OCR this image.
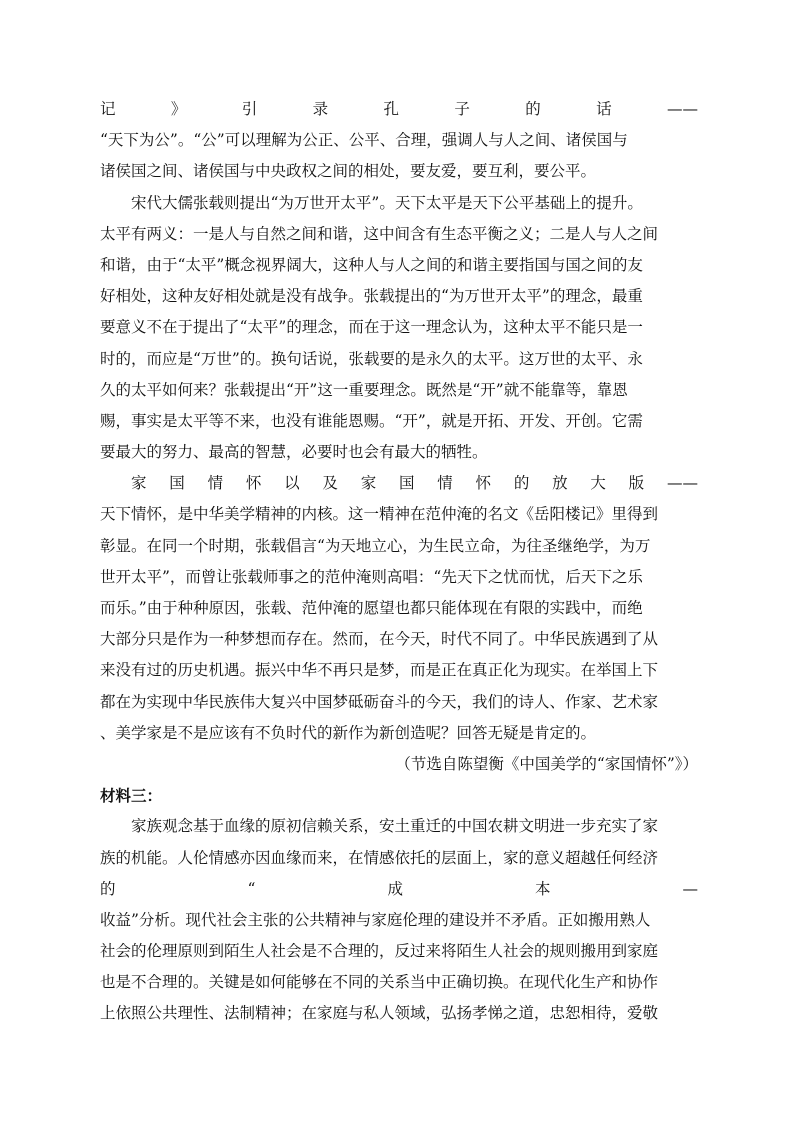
记	》	引	录	孔	子	的	话	——
“天下为公”。“公”可以理解为公正、公平、合理，强调人与人之间、诸侯国与
诸侯国之间、诸侯国与中央政权之间的相处，要友爱，要互利，要公平。
宋代大儒张载则提出“为万世开太平”。天下太平是天下公平基础上的提升。
太平有两义：一是人与自然之间和谐，这中间含有生态平衡之义；二是人与人之间
和谐，由于“太平”概念视界阔大，这种人与人之间的和谐主要指国与国之间的友
好相处，这种友好相处就是没有战争。张载提出的“为万世开太平”的理念，最重
要意义不在于提出了“太平”的理念，而在于这一理念认为，这种太平不能只是一
时的，而应是“万世”的。换句话说，张载要的是永久的太平。这万世的太平、永
久的太平如何来？张载提出“开”这一重要理念。既然是“开”就不能靠等，靠恩
赐，事实是太平等不来，也没有谁能恩赐。“开”，就是开拓、开发、开创。它需
要最大的努力、最高的智慧，必要时也会有最大的牺牲。
家 国 情 怀 以 及 家 国 情 怀 的 放 大 版 ——
天下情怀，是中华美学精神的内核。这一精神在范仲淹的名文《岳阳楼记》里得到
彰显。在同一个时期，张载倡言“为天地立心，为生民立命，为往圣继绝学，为万
世开太平”，而曾让张载师事之的范仲淹则高唱：“先天下之忧而忧，后天下之乐
而乐。”由于种种原因，张载、范仲淹的愿望也都只能体现在有限的实践中，而绝
大部分只是作为一种梦想而存在。然而，在今天，时代不同了。中华民族遇到了从
来没有过的历史机遇。振兴中华不再只是梦，而是正在真正化为现实。在举国上下
都在为实现中华民族伟大复兴中国梦砥砺奋斗的今天，我们的诗人、作家、艺术家
、美学家是不是应该有不负时代的新作为新创造呢？回答无疑是肯定的。
（节选自陈望衡《中国美学的“家国情怀”》）
材料三：
家族观念基于血缘的原初信赖关系，安土重迁的中国农耕文明进一步充实了家
族的机能。人伦情感亦因血缘而来，在情感依托的层面上，家的意义超越任何经济
的	“	成	本	—
收益”分析。现代社会主张的公共精神与家庭伦理的建设并不矛盾。正如搬用熟人
社会的伦理原则到陌生人社会是不合理的，反过来将陌生人社会的规则搬用到家庭
也是不合理的。关键是如何能够在不同的关系当中正确切换。在现代化生产和协作
上依照公共理性、法制精神；在家庭与私人领域，弘扬孝悌之道，忠恕相待，爱敬
